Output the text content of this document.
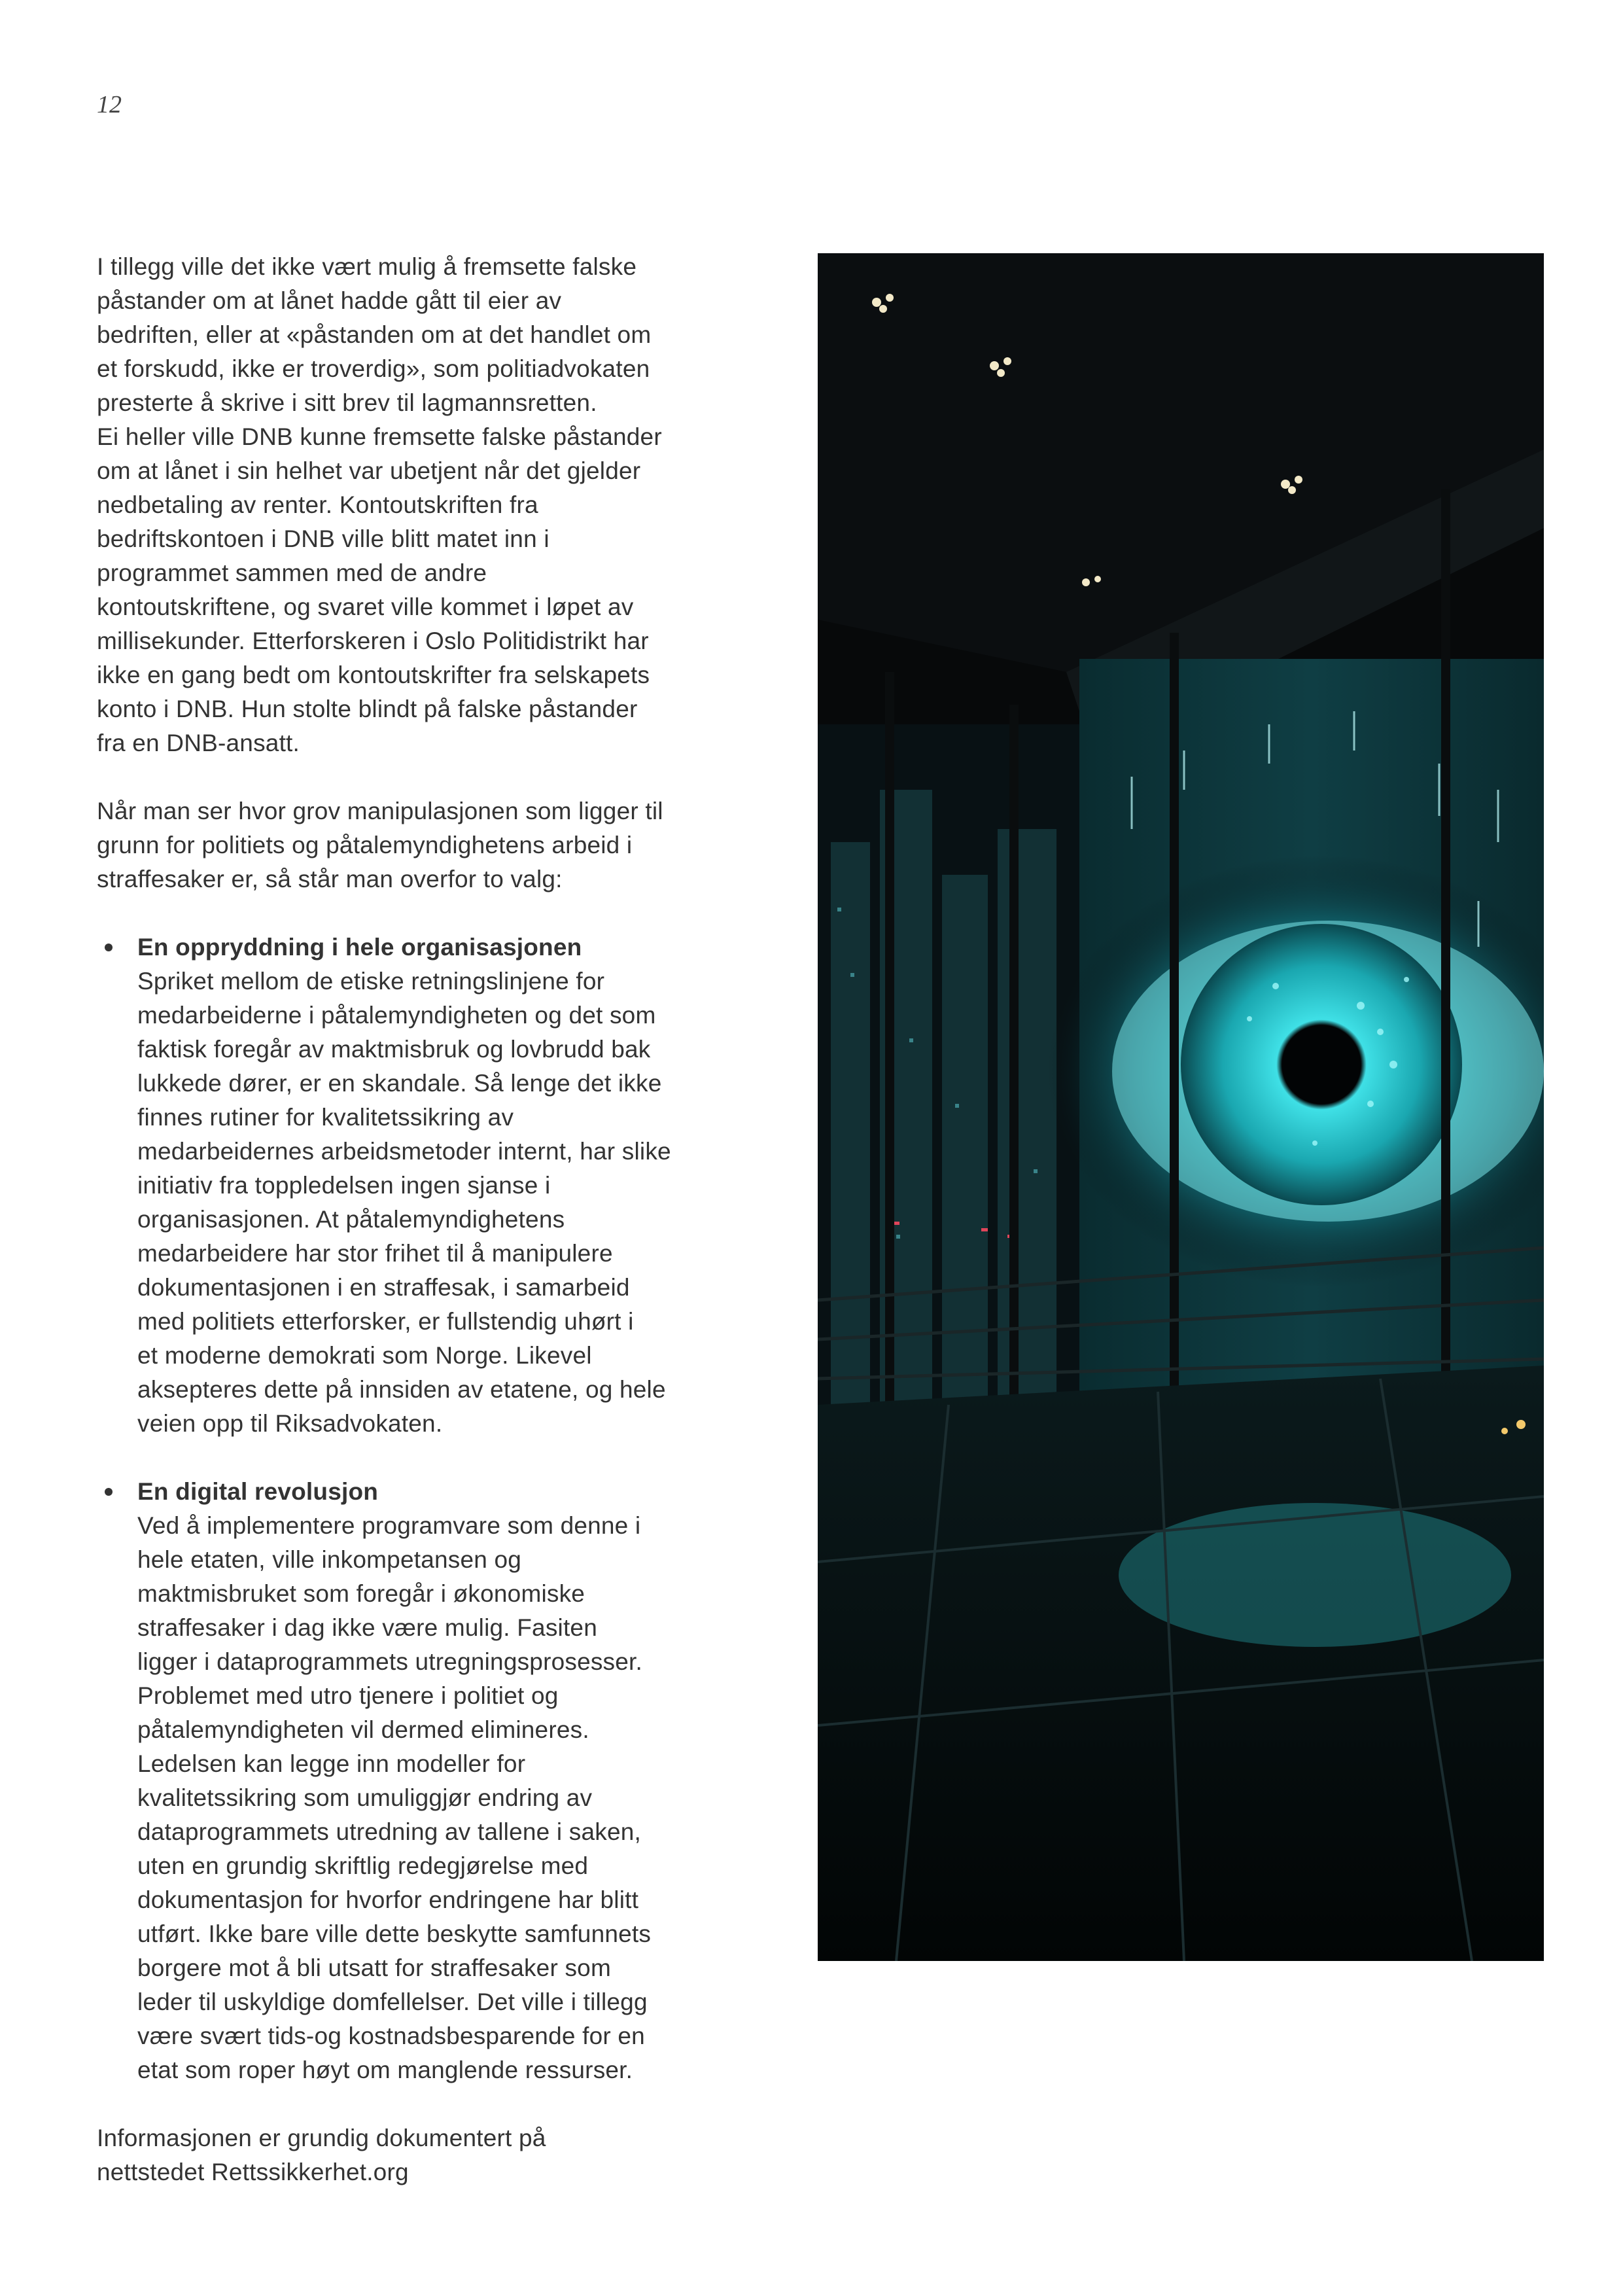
12
I tillegg ville det ikke vært mulig å fremsette falske
påstander om at lånet hadde gått til eier av
bedriften, eller at «påstanden om at det handlet om
et forskudd, ikke er troverdig», som politiadvokaten
presterte å skrive i sitt brev til lagmannsretten.
Ei heller ville DNB kunne fremsette falske påstander
om at lånet i sin helhet var ubetjent når det gjelder
nedbetaling av renter. Kontoutskriften fra
bedriftskontoen i DNB ville blitt matet inn i
programmet sammen med de andre
kontoutskriftene, og svaret ville kommet i løpet av
millisekunder. Etterforskeren i Oslo Politidistrikt har
ikke en gang bedt om kontoutskrifter fra selskapets
konto i DNB. Hun stolte blindt på falske påstander
fra en DNB-ansatt.
Når man ser hvor grov manipulasjonen som ligger til
grunn for politiets og påtalemyndighetens arbeid i
straffesaker er, så står man overfor to valg:
En oppryddning i hele organisasjonen
Spriket mellom de etiske retningslinjene for
medarbeiderne i påtalemyndigheten og det som
faktisk foregår av maktmisbruk og lovbrudd bak
lukkede dører, er en skandale. Så lenge det ikke
finnes rutiner for kvalitetssikring av
medarbeidernes arbeidsmetoder internt, har slike
initiativ fra toppledelsen ingen sjanse i
organisasjonen. At påtalemyndighetens
medarbeidere har stor frihet til å manipulere
dokumentasjonen i en straffesak, i samarbeid
med politiets etterforsker, er fullstendig uhørt i
et moderne demokrati som Norge. Likevel
aksepteres dette på innsiden av etatene, og hele
veien opp til Riksadvokaten.
En digital revolusjon
Ved å implementere programvare som denne i
hele etaten, ville inkompetansen og
maktmisbruket som foregår i økonomiske
straffesaker i dag ikke være mulig. Fasiten
ligger i dataprogrammets utregningsprosesser.
Problemet med utro tjenere i politiet og
påtalemyndigheten vil dermed elimineres.
Ledelsen kan legge inn modeller for
kvalitetssikring som umuliggjør endring av
dataprogrammets utredning av tallene i saken,
uten en grundig skriftlig redegjørelse med
dokumentasjon for hvorfor endringene har blitt
utført. Ikke bare ville dette beskytte samfunnets
borgere mot å bli utsatt for straffesaker som
leder til uskyldige domfellelser. Det ville i tillegg
være svært tids-og kostnadsbesparende for en
etat som roper høyt om manglende ressurser.
Informasjonen er grundig dokumentert på
nettstedet Rettssikkerhet.org
